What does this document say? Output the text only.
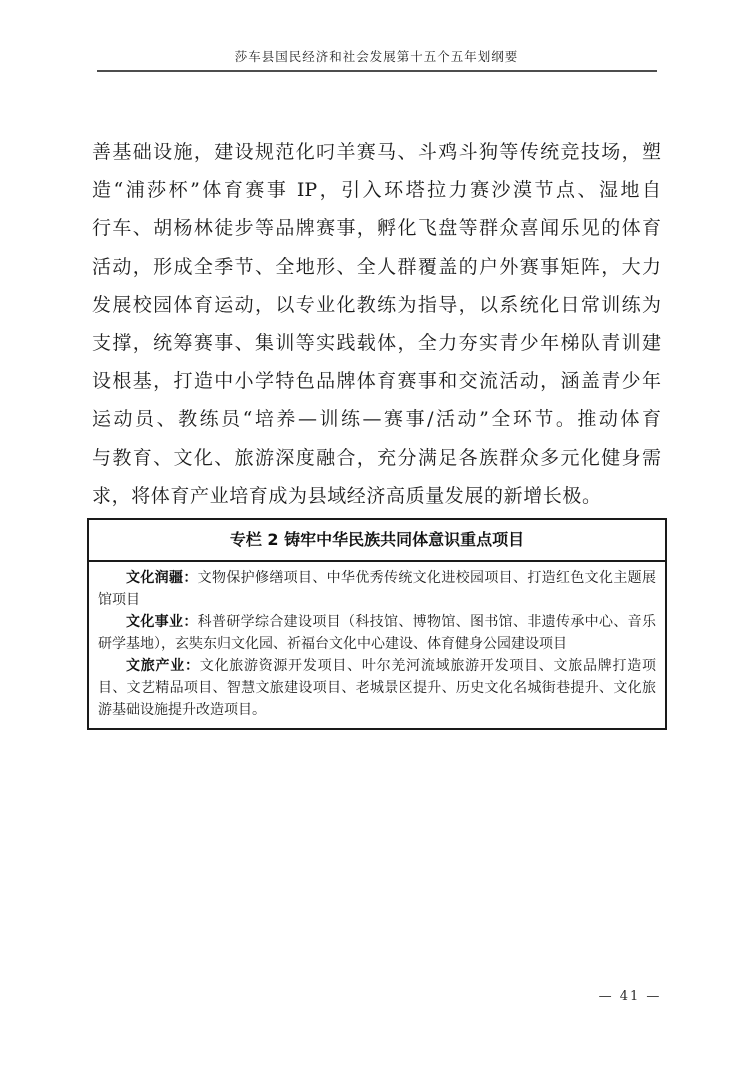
莎车县国民经济和社会发展第十五个五年划纲要
善基础设施，建设规范化叼羊赛马、斗鸡斗狗等传统竞技场，塑
造“浦莎杯”体育赛事 IP，引入环塔拉力赛沙漠节点、湿地自
行车、胡杨林徒步等品牌赛事，孵化飞盘等群众喜闻乐见的体育
活动，形成全季节、全地形、全人群覆盖的户外赛事矩阵，大力
发展校园体育运动，以专业化教练为指导，以系统化日常训练为
支撑，统筹赛事、集训等实践载体，全力夯实青少年梯队青训建
设根基，打造中小学特色品牌体育赛事和交流活动，涵盖青少年
运动员、教练员“培养—训练—赛事/活动”全环节。推动体育
与教育、文化、旅游深度融合，充分满足各族群众多元化健身需
求，将体育产业培育成为县域经济高质量发展的新增长极。
专栏 2 铸牢中华民族共同体意识重点项目

文化润疆：文物保护修缮项目、中华优秀传统文化进校园项目、打造红色文化主题展馆项目

文化事业：科普研学综合建设项目（科技馆、博物馆、图书馆、非遗传承中心、音乐研学基地），玄奘东归文化园、祈福台文化中心建设、体育健身公园建设项目

文旅产业：文化旅游资源开发项目、叶尔羌河流域旅游开发项目、文旅品牌打造项目、文艺精品项目、智慧文旅建设项目、老城景区提升、历史文化名城街巷提升、文化旅游基础设施提升改造项目。

— 41 —
